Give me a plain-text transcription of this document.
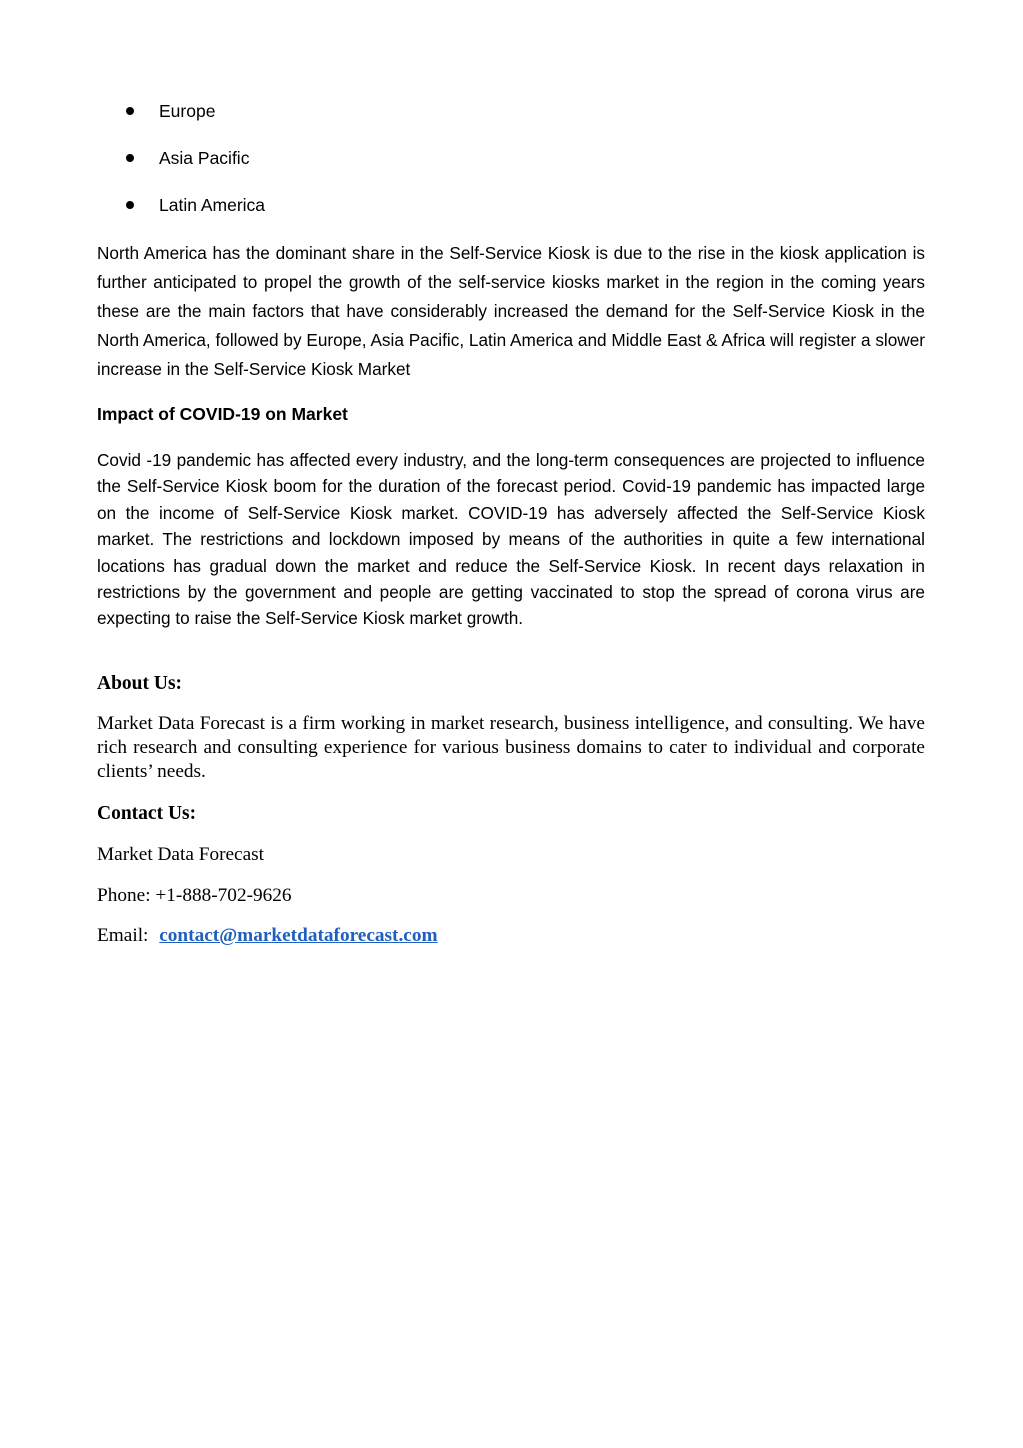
Europe
Asia Pacific
Latin America

North America has the dominant share in the Self-Service Kiosk is due to the rise in the kiosk application is further anticipated to propel the growth of the self-service kiosks market in the region in the coming years these are the main factors that have considerably increased the demand for the Self-Service Kiosk in the North America, followed by Europe, Asia Pacific, Latin America and Middle East & Africa will register a slower increase in the Self-Service Kiosk Market

Impact of COVID-19 on Market

Covid -19 pandemic has affected every industry, and the long-term consequences are projected to influence the Self-Service Kiosk boom for the duration of the forecast period. Covid-19 pandemic has impacted large on the income of Self-Service Kiosk market. COVID-19 has adversely affected the Self-Service Kiosk market. The restrictions and lockdown imposed by means of the authorities in quite a few international locations has gradual down the market and reduce the Self-Service Kiosk. In recent days relaxation in restrictions by the government and people are getting vaccinated to stop the spread of corona virus are expecting to raise the Self-Service Kiosk market growth.

About Us:

Market Data Forecast is a firm working in market research, business intelligence, and consulting. We have rich research and consulting experience for various business domains to cater to individual and corporate clients’ needs.

Contact Us:

Market Data Forecast

Phone: +1-888-702-9626

Email: contact@marketdataforecast.com
